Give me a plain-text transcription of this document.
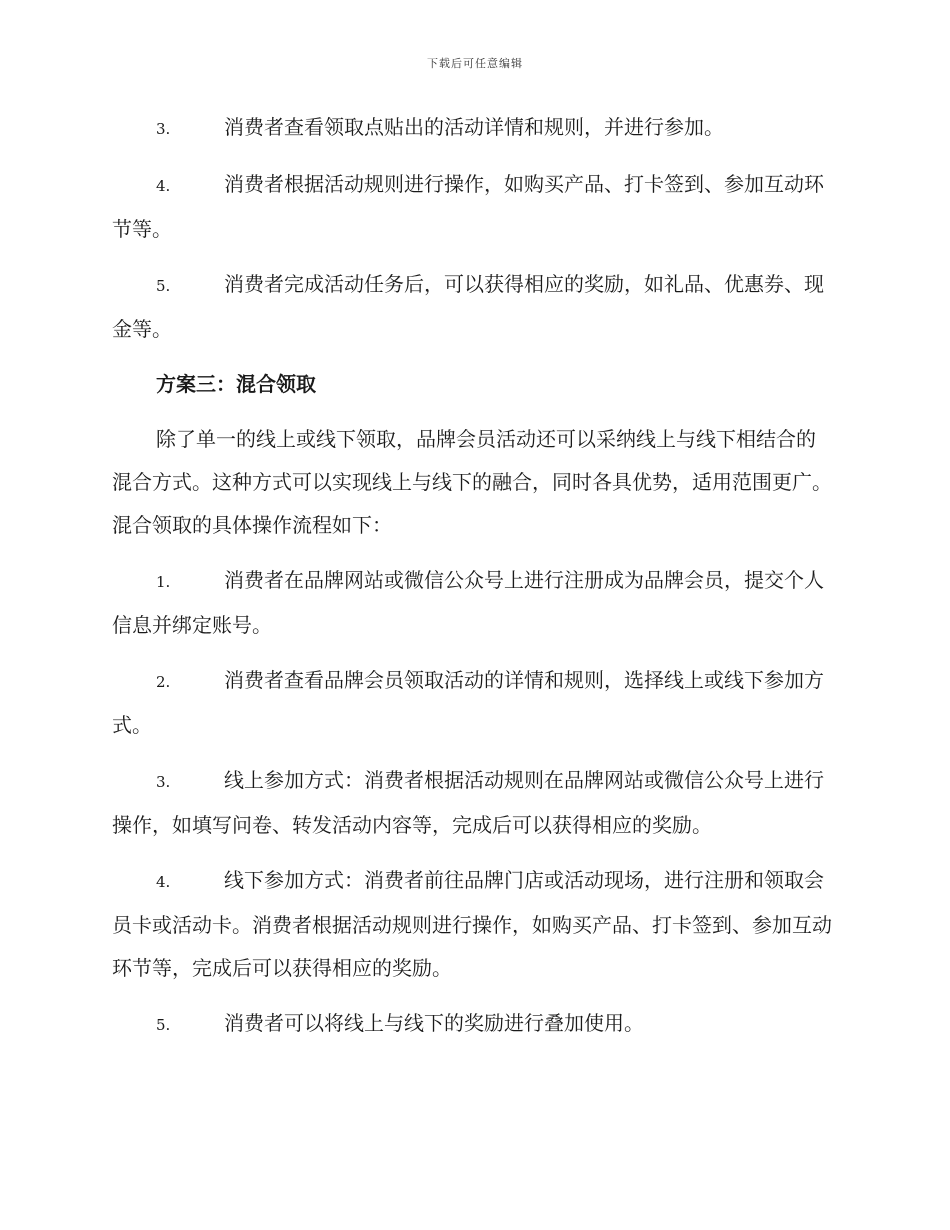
下载后可任意编辑

3.	消费者查看领取点贴出的活动详情和规则，并进行参加。

4.	消费者根据活动规则进行操作，如购买产品、打卡签到、参加互动环节等。

5.	消费者完成活动任务后，可以获得相应的奖励，如礼品、优惠券、现金等。

方案三：混合领取

除了单一的线上或线下领取，品牌会员活动还可以采纳线上与线下相结合的混合方式。这种方式可以实现线上与线下的融合，同时各具优势，适用范围更广。混合领取的具体操作流程如下：

1.	消费者在品牌网站或微信公众号上进行注册成为品牌会员，提交个人信息并绑定账号。

2.	消费者查看品牌会员领取活动的详情和规则，选择线上或线下参加方式。

3.	线上参加方式：消费者根据活动规则在品牌网站或微信公众号上进行操作，如填写问卷、转发活动内容等，完成后可以获得相应的奖励。

4.	线下参加方式：消费者前往品牌门店或活动现场，进行注册和领取会员卡或活动卡。消费者根据活动规则进行操作，如购买产品、打卡签到、参加互动环节等，完成后可以获得相应的奖励。

5.	消费者可以将线上与线下的奖励进行叠加使用。
